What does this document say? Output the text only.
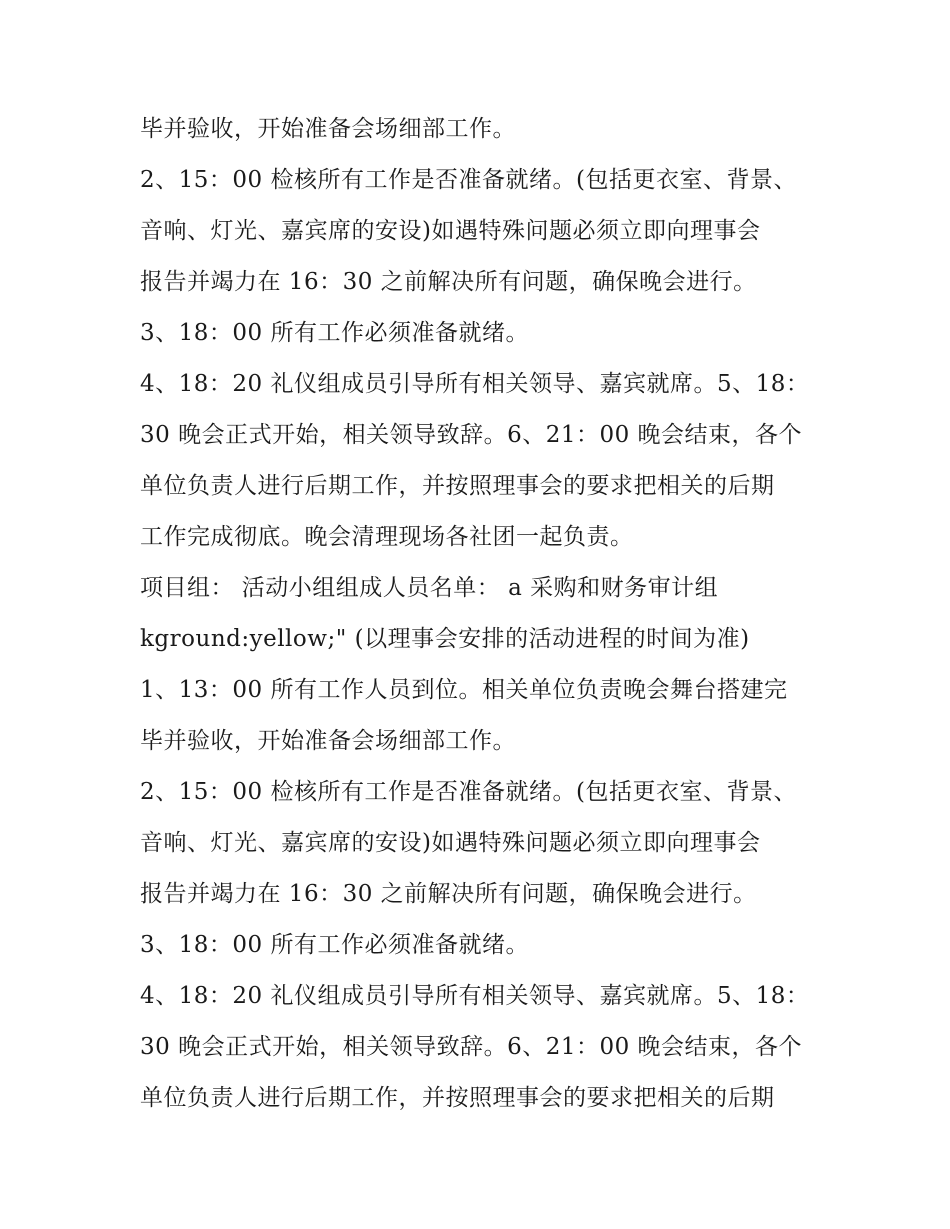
毕并验收，开始准备会场细部工作。
2、15：00 检核所有工作是否准备就绪。(包括更衣室、背景、
音响、灯光、嘉宾席的安设)如遇特殊问题必须立即向理事会
报告并竭力在 16：30 之前解决所有问题，确保晚会进行。
3、18：00 所有工作必须准备就绪。
4、18：20 礼仪组成员引导所有相关领导、嘉宾就席。5、18：
30 晚会正式开始，相关领导致辞。6、21：00 晚会结束，各个
单位负责人进行后期工作，并按照理事会的要求把相关的后期
工作完成彻底。晚会清理现场各社团一起负责。
项目组： 活动小组组成人员名单： a 采购和财务审计组
kground:yellow;" (以理事会安排的活动进程的时间为准)
1、13：00 所有工作人员到位。相关单位负责晚会舞台搭建完
毕并验收，开始准备会场细部工作。
2、15：00 检核所有工作是否准备就绪。(包括更衣室、背景、
音响、灯光、嘉宾席的安设)如遇特殊问题必须立即向理事会
报告并竭力在 16：30 之前解决所有问题，确保晚会进行。
3、18：00 所有工作必须准备就绪。
4、18：20 礼仪组成员引导所有相关领导、嘉宾就席。5、18：
30 晚会正式开始，相关领导致辞。6、21：00 晚会结束，各个
单位负责人进行后期工作，并按照理事会的要求把相关的后期
